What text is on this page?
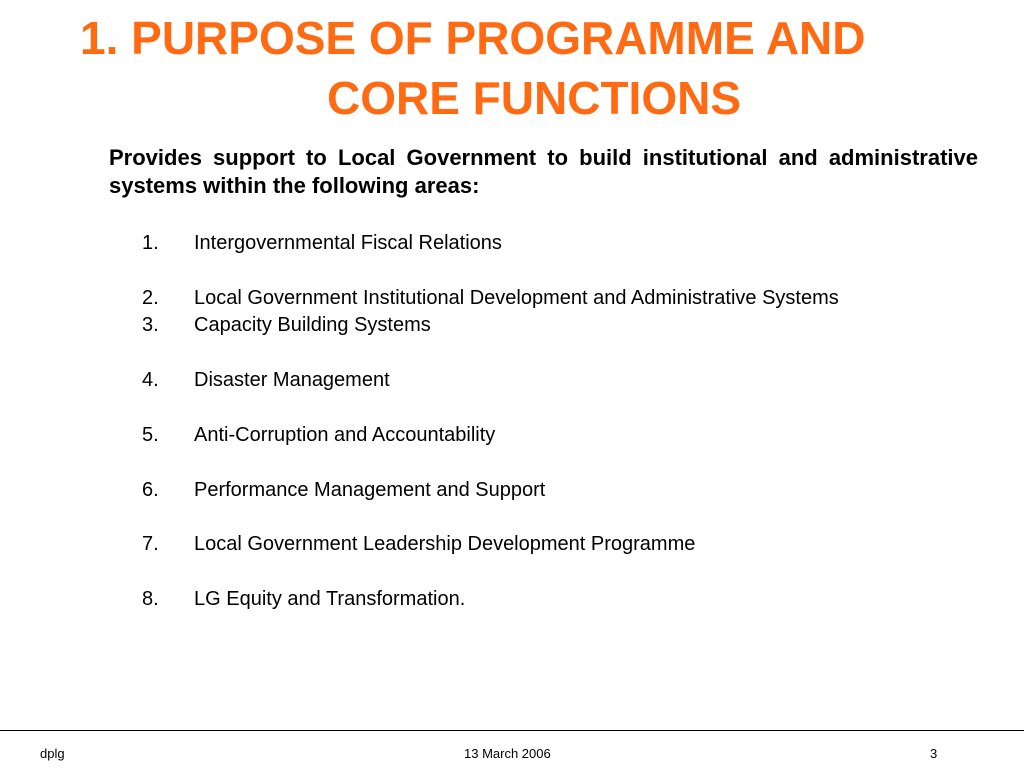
1. PURPOSE OF PROGRAMME AND
CORE FUNCTIONS

Provides support to Local Government to build institutional and administrative systems within the following areas:

1. Intergovernmental Fiscal Relations
2. Local Government Institutional Development and Administrative Systems
3. Capacity Building Systems
4. Disaster Management
5. Anti-Corruption and Accountability
6. Performance Management and Support
7. Local Government Leadership Development Programme
8. LG Equity and Transformation.
dplg	13 March 2006	3
